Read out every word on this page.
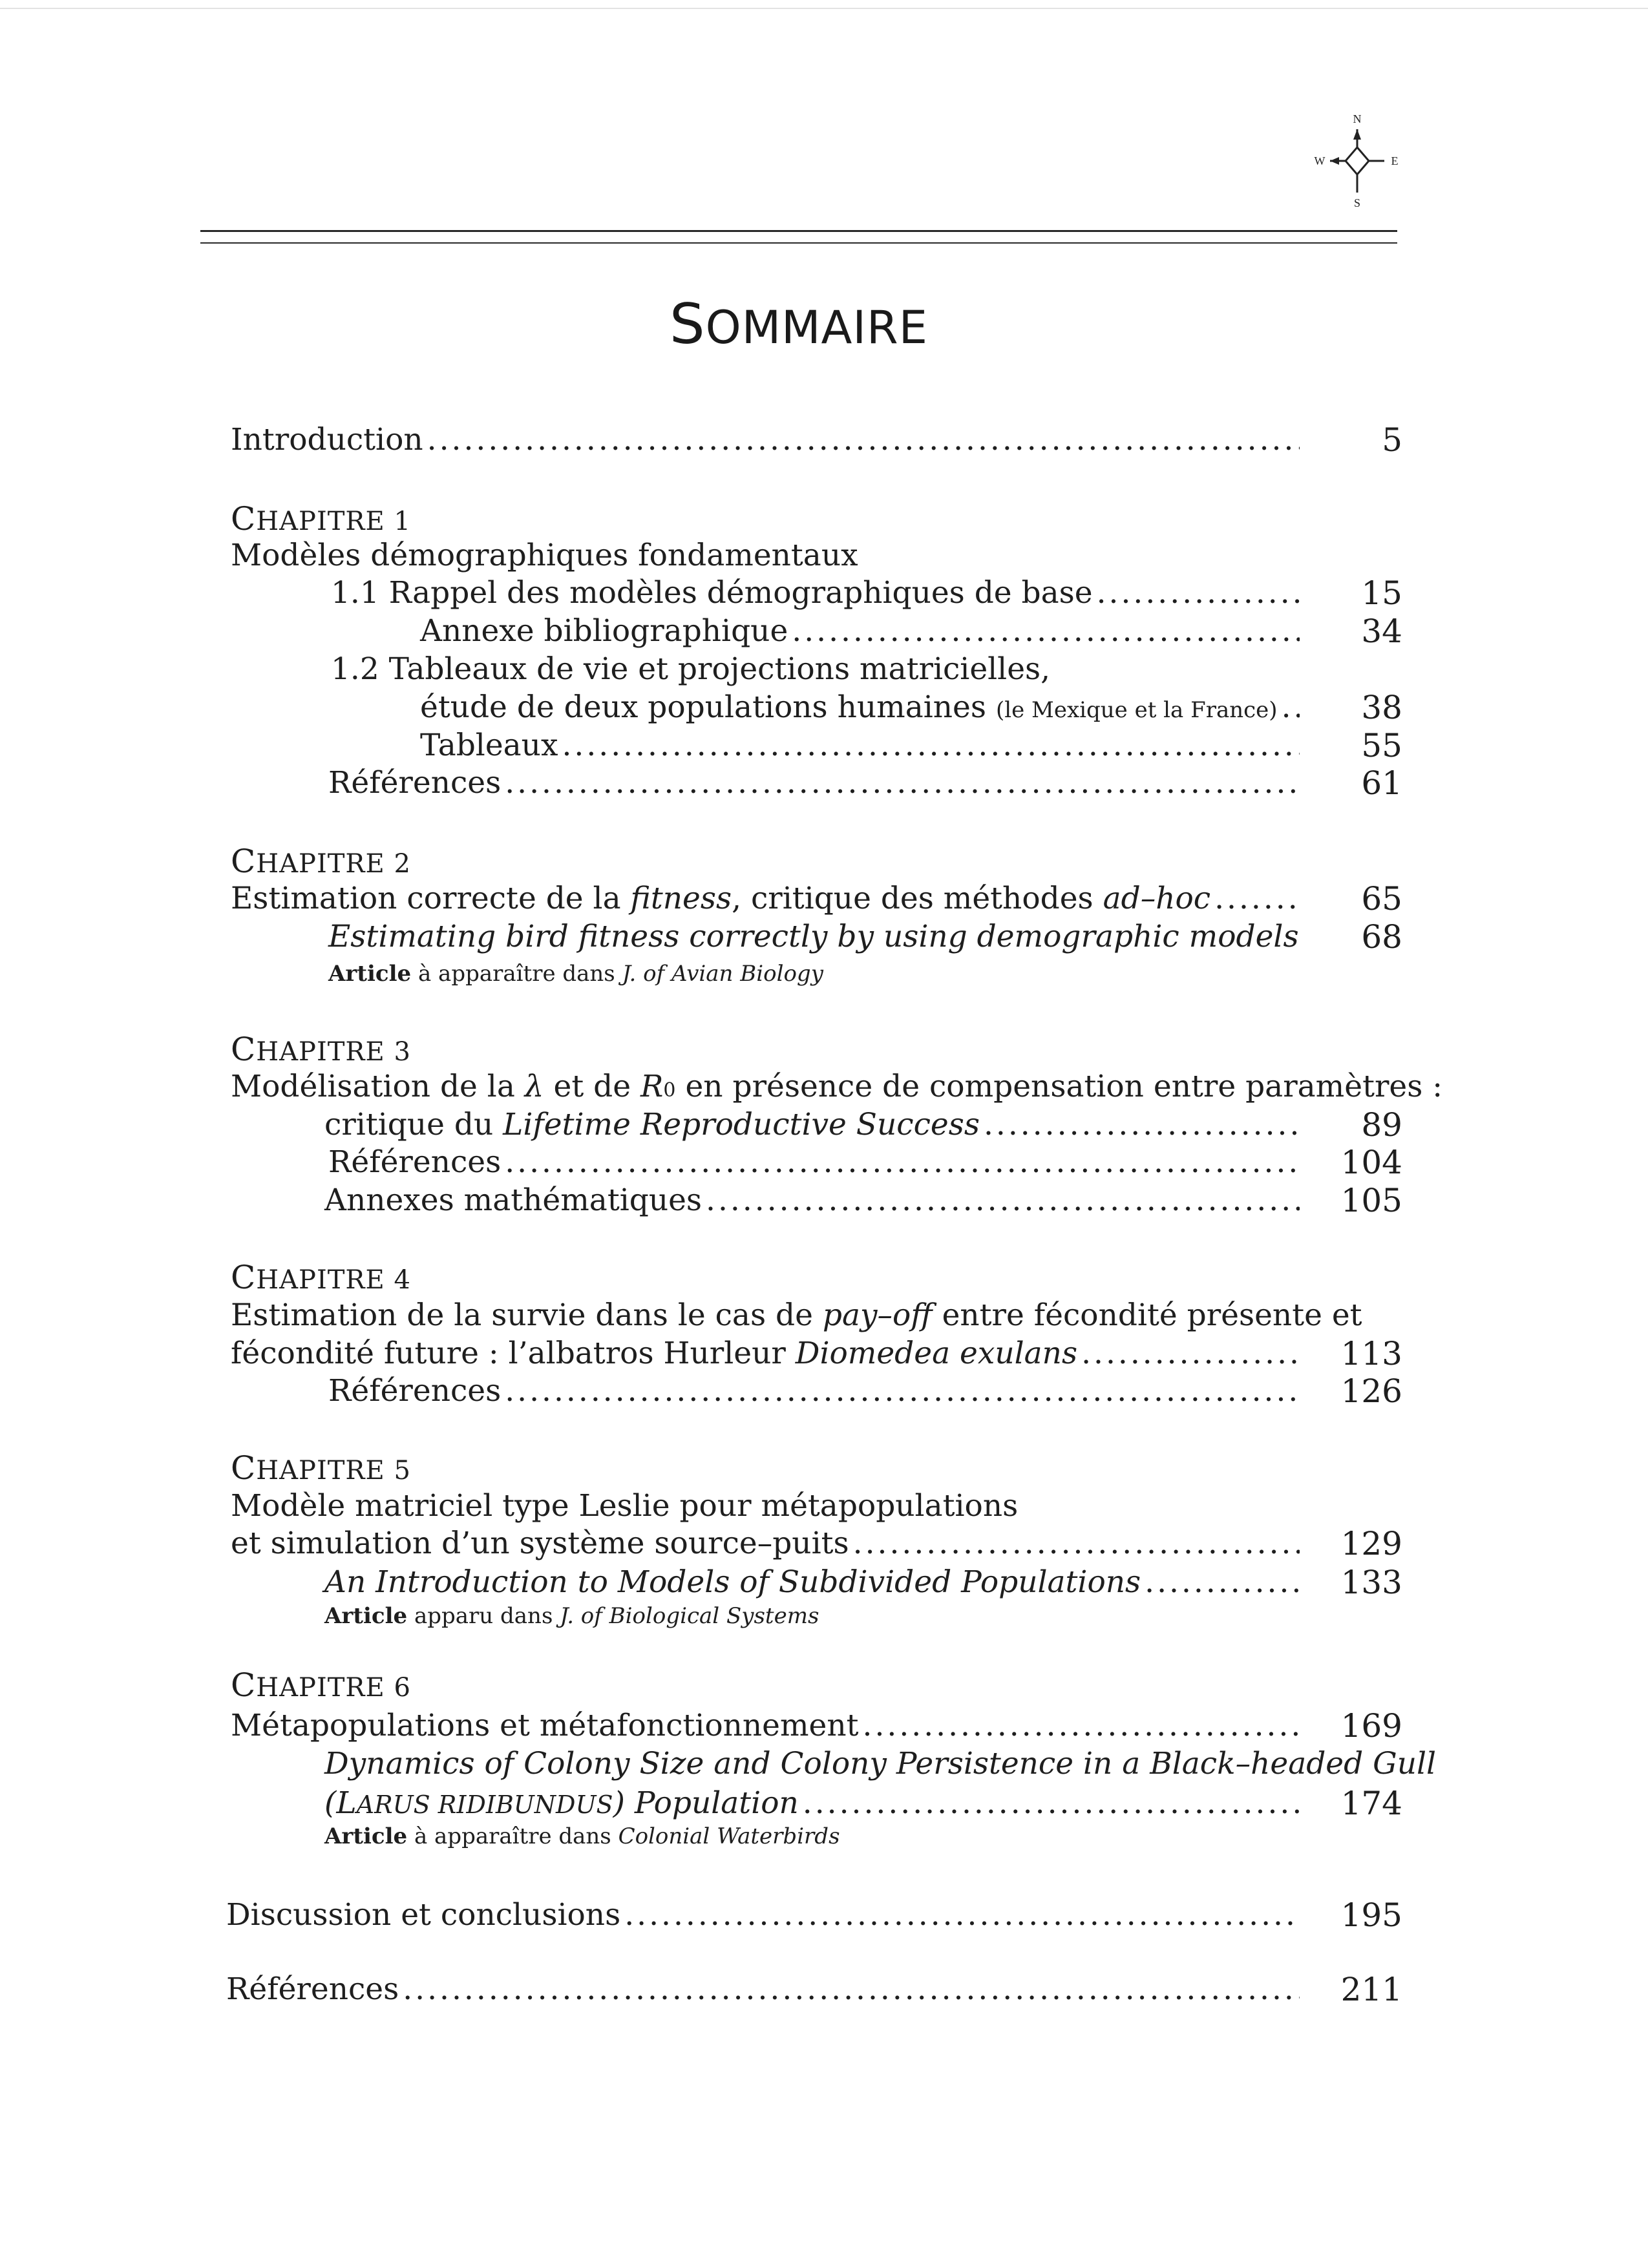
N
W	E
S
SOMMAIRE
Introduction .....	5
C HAPITRE 1
Modèles démographiques fondamentaux
1.1 Rappel des modèles démographiques de base .....	15
Annexe bibliographique .....	34
1.2 Tableaux de vie et projections matricielles,
étude de deux populations humaines
(le Mexique et la France) .....	38
Tableaux .....	55
Références .....	61
C HAPITRE 2
Estimation correcte de la fitness , critique des méthodes ad–hoc .....	65
Estimating bird fitness correctly by using demographic models	68
Article à apparaître dans J. of Avian Biology
C HAPITRE 3
Modélisation de la λ et de R 0 en présence de compensation entre paramètres :
critique du Lifetime Reproductive Success .....	89
Références .....	104
Annexes mathématiques .....	105
C HAPITRE 4
Estimation de la survie dans le cas de pay–off entre fécondité présente et
fécondité future : l’albatros Hurleur Diomedea exulans .....	113
Références .....	126
C HAPITRE 5
Modèle matriciel type Leslie pour métapopulations
et simulation d’un système source–puits .....	129
An Introduction to Models of Subdivided Populations .....	133
Article apparu dans J. of Biological Systems
C HAPITRE 6
Métapopulations et métafonctionnement .....	169
Dynamics of Colony Size and Colony Persistence in a Black–headed Gull
(LARUS RIDIBUNDUS) Population .....	174
Article à apparaître dans Colonial Waterbirds
Discussion et conclusions .....	195
Références .....	211
